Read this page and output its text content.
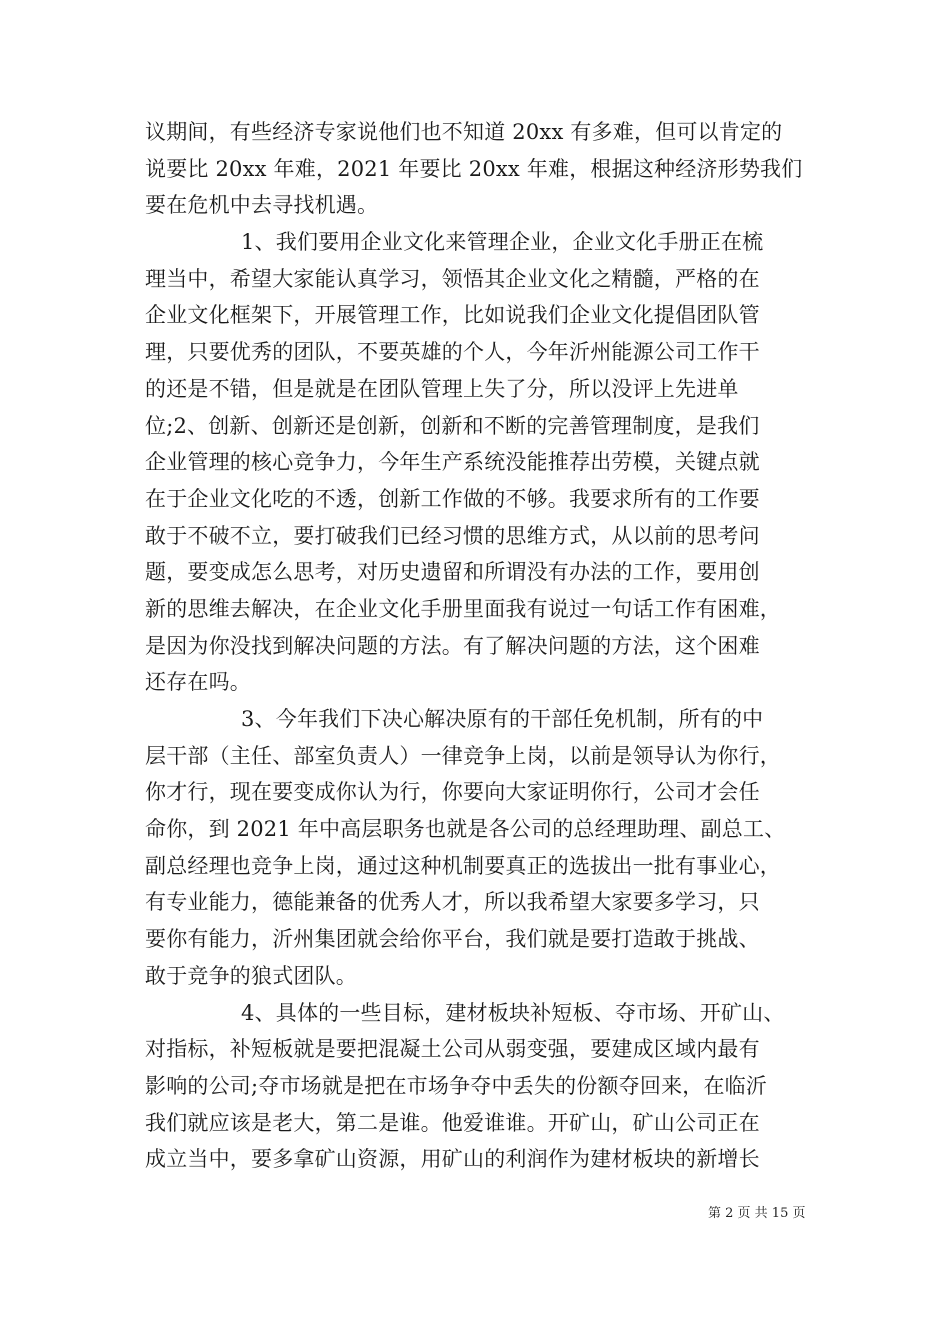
议期间，有些经济专家说他们也不知道 20xx 有多难，但可以肯定的
说要比 20xx 年难，2021 年要比 20xx 年难，根据这种经济形势我们
要在危机中去寻找机遇。
1、我们要用企业文化来管理企业，企业文化手册正在梳
理当中，希望大家能认真学习，领悟其企业文化之精髓，严格的在
企业文化框架下，开展管理工作，比如说我们企业文化提倡团队管
理，只要优秀的团队，不要英雄的个人，今年沂州能源公司工作干
的还是不错，但是就是在团队管理上失了分，所以没评上先进单
位;2、创新、创新还是创新，创新和不断的完善管理制度，是我们
企业管理的核心竞争力，今年生产系统没能推荐出劳模，关键点就
在于企业文化吃的不透，创新工作做的不够。我要求所有的工作要
敢于不破不立，要打破我们已经习惯的思维方式，从以前的思考问
题，要变成怎么思考，对历史遗留和所谓没有办法的工作，要用创
新的思维去解决，在企业文化手册里面我有说过一句话工作有困难，
是因为你没找到解决问题的方法。有了解决问题的方法，这个困难
还存在吗。
3、今年我们下决心解决原有的干部任免机制，所有的中
层干部（主任、部室负责人）一律竞争上岗，以前是领导认为你行，
你才行，现在要变成你认为行，你要向大家证明你行，公司才会任
命你，到 2021 年中高层职务也就是各公司的总经理助理、副总工、
副总经理也竞争上岗，通过这种机制要真正的选拔出一批有事业心，
有专业能力，德能兼备的优秀人才，所以我希望大家要多学习，只
要你有能力，沂州集团就会给你平台，我们就是要打造敢于挑战、
敢于竞争的狼式团队。
4、具体的一些目标，建材板块补短板、夺市场、开矿山、
对指标，补短板就是要把混凝土公司从弱变强，要建成区域内最有
影响的公司;夺市场就是把在市场争夺中丢失的份额夺回来，在临沂
我们就应该是老大，第二是谁。他爱谁谁。开矿山，矿山公司正在
成立当中，要多拿矿山资源，用矿山的利润作为建材板块的新增长
第 2 页 共 15 页
